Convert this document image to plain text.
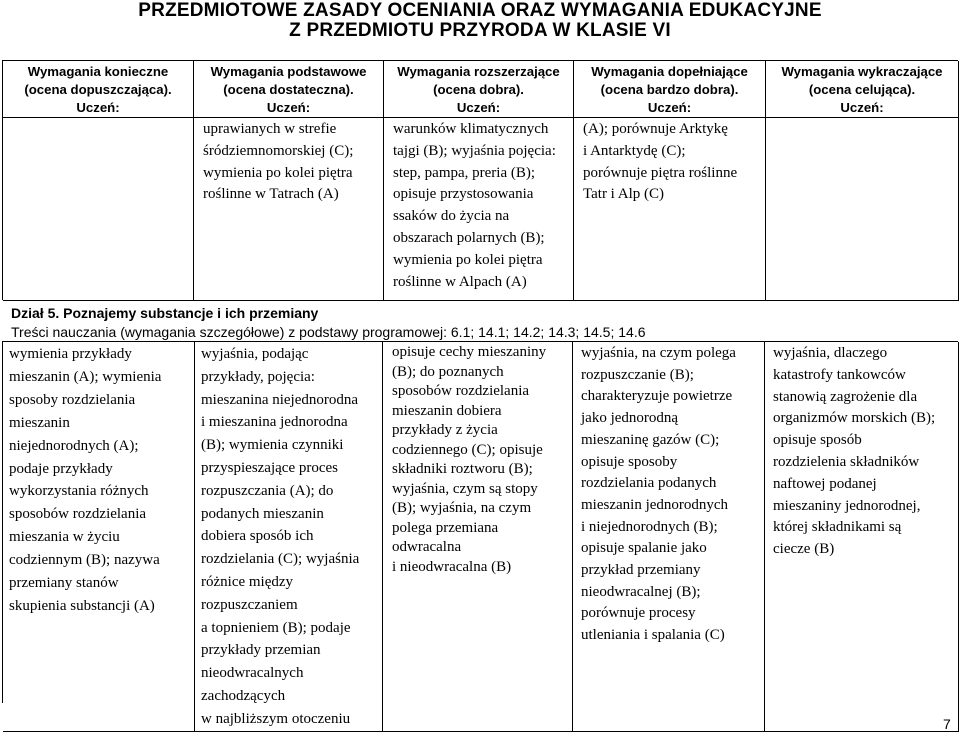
PRZEDMIOTOWE ZASADY OCENIANIA ORAZ WYMAGANIA EDUKACYJNE
Z PRZEDMIOTU PRZYRODA W KLASIE VI
Wymagania konieczne
(ocena dopuszczająca).
Uczeń:
Wymagania podstawowe
(ocena dostateczna).
Uczeń:
Wymagania rozszerzające
(ocena dobra).
Uczeń:
Wymagania dopełniające
(ocena bardzo dobra).
Uczeń:
Wymagania wykraczające
(ocena celująca).
Uczeń:
uprawianych w strefie
śródziemnomorskiej (C);
wymienia po kolei piętra
roślinne w Tatrach (A)
warunków klimatycznych
tajgi (B); wyjaśnia pojęcia:
step, pampa, preria (B);
opisuje przystosowania
ssaków do życia na
obszarach polarnych (B);
wymienia po kolei piętra
roślinne w Alpach (A)
(A); porównuje Arktykę
i Antarktydę (C);
porównuje piętra roślinne
Tatr i Alp (C)
Dział 5. Poznajemy substancje i ich przemiany
Treści nauczania (wymagania szczegółowe) z podstawy programowej: 6.1; 14.1; 14.2; 14.3; 14.5; 14.6
wymienia przykłady
mieszanin (A); wymienia
sposoby rozdzielania
mieszanin
niejednorodnych (A);
podaje przykłady
wykorzystania różnych
sposobów rozdzielania
mieszania w życiu
codziennym (B); nazywa
przemiany stanów
skupienia substancji (A)
wyjaśnia, podając
przykłady, pojęcia:
mieszanina niejednorodna
i mieszanina jednorodna
(B); wymienia czynniki
przyspieszające proces
rozpuszczania (A); do
podanych mieszanin
dobiera sposób ich
rozdzielania (C); wyjaśnia
różnice między
rozpuszczaniem
a topnieniem (B); podaje
przykłady przemian
nieodwracalnych
zachodzących
w najbliższym otoczeniu
opisuje cechy mieszaniny
(B); do poznanych
sposobów rozdzielania
mieszanin dobiera
przykłady z życia
codziennego (C); opisuje
składniki roztworu (B);
wyjaśnia, czym są stopy
(B); wyjaśnia, na czym
polega przemiana
odwracalna
i nieodwracalna (B)
wyjaśnia, na czym polega
rozpuszczanie (B);
charakteryzuje powietrze
jako jednorodną
mieszaninę gazów (C);
opisuje sposoby
rozdzielania podanych
mieszanin jednorodnych
i niejednorodnych (B);
opisuje spalanie jako
przykład przemiany
nieodwracalnej (B);
porównuje procesy
utleniania i spalania (C)
wyjaśnia, dlaczego
katastrofy tankowców
stanowią zagrożenie dla
organizmów morskich (B);
opisuje sposób
rozdzielenia składników
naftowej podanej
mieszaniny jednorodnej,
której składnikami są
ciecze (B)
7
